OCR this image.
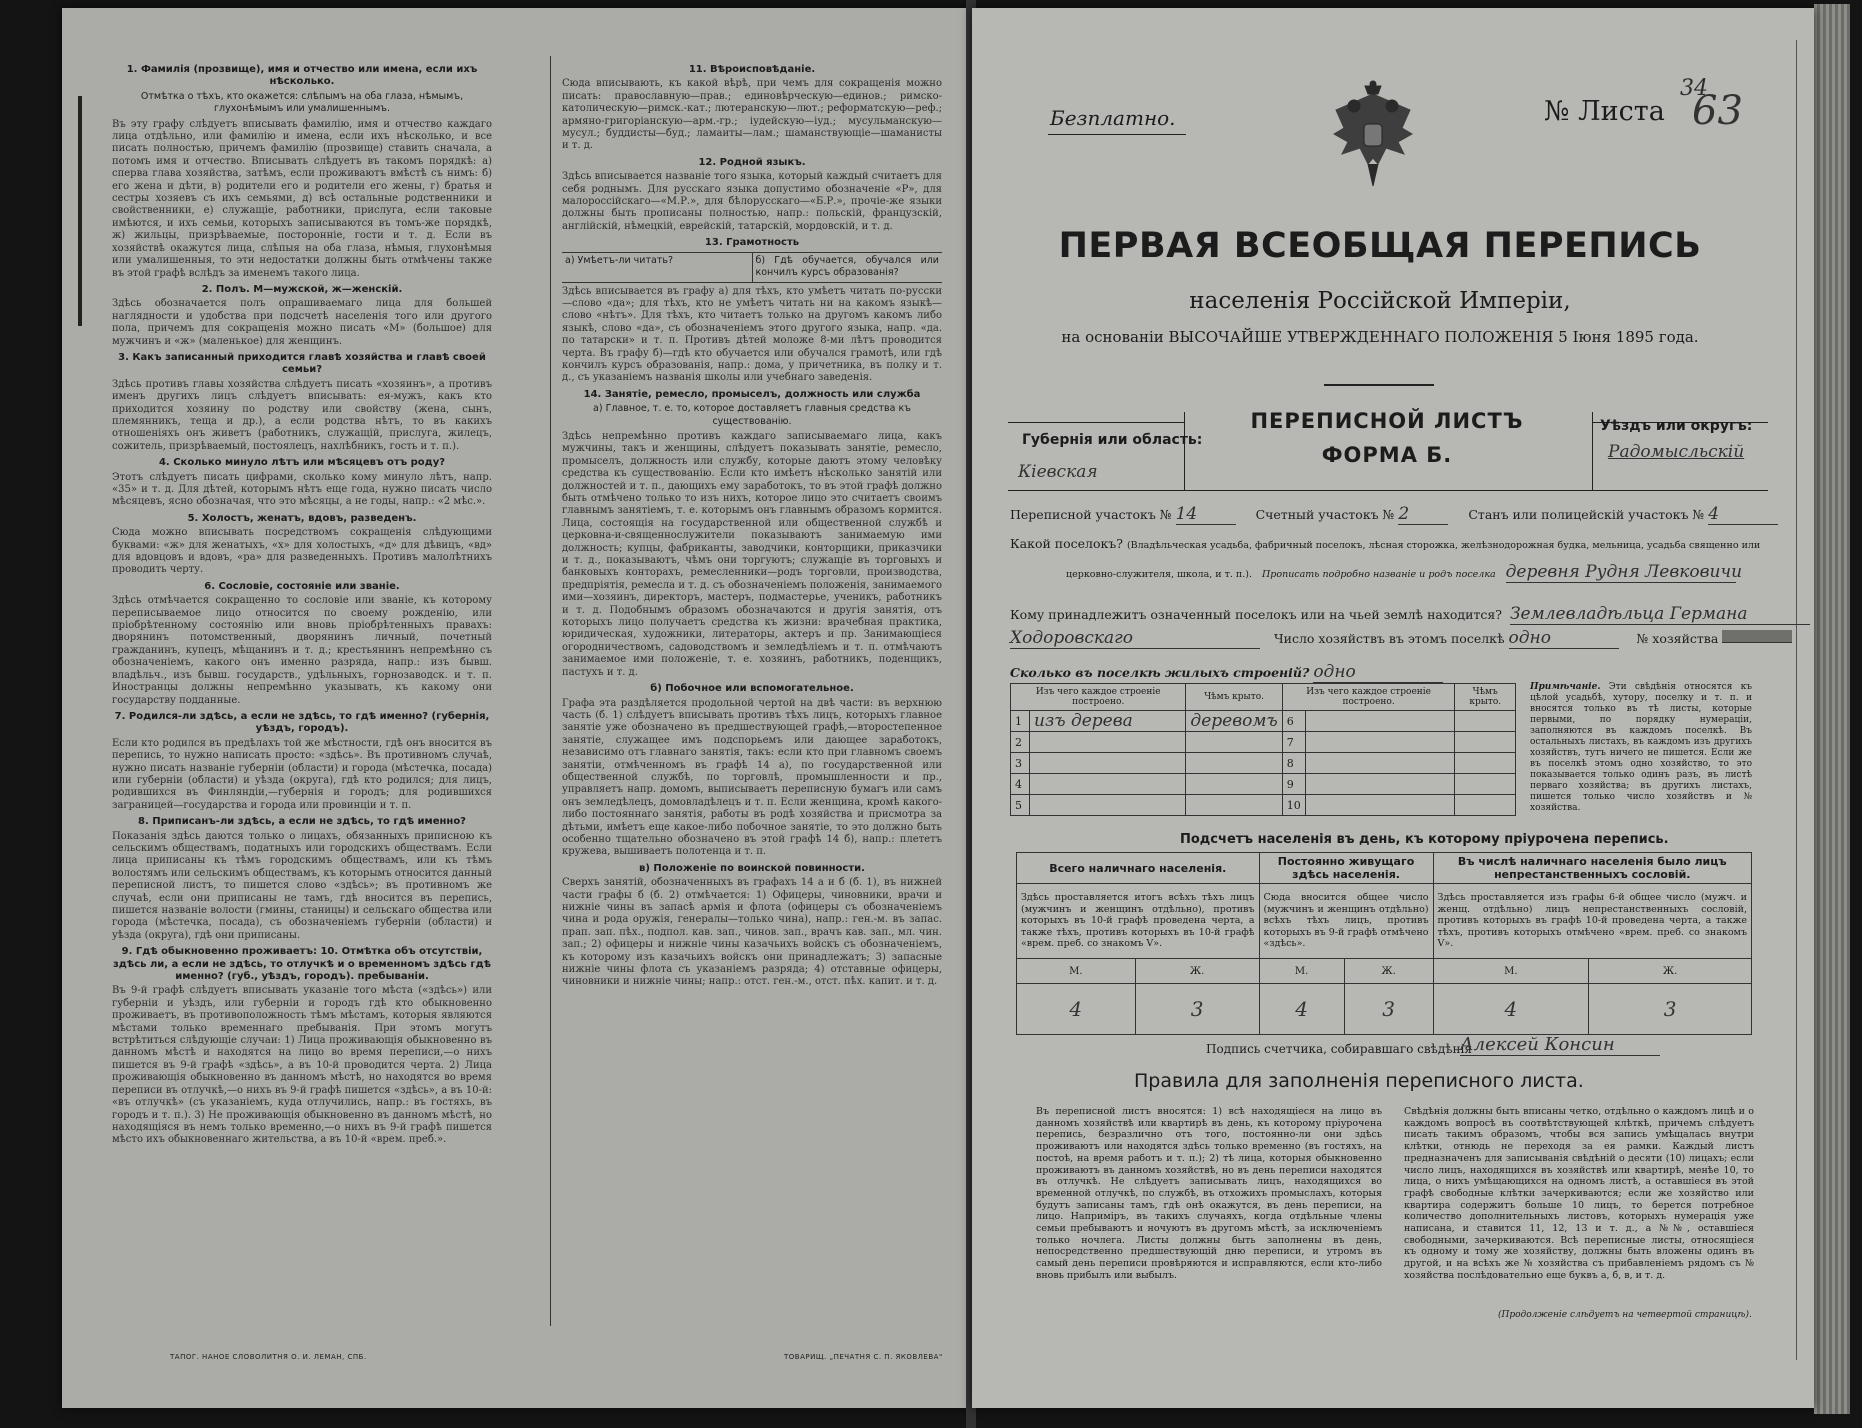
1. Фамилія (прозвище), имя и отчество или имена, если ихъ нѣсколько.
Отмѣтка о тѣхъ, кто окажется: слѣпымъ на оба глаза, нѣмымъ, глухонѣмымъ или умалишеннымъ.
Въ эту графу слѣдуетъ вписывать фамилію, имя и отчество каждаго лица отдѣльно, или фамилію и имена, если ихъ нѣсколько, и все писать полностью, причемъ фамилію (прозвище) ставить сначала, а потомъ имя и отчество. Вписывать слѣдуетъ въ такомъ порядкѣ: а) сперва глава хозяйства, затѣмъ, если проживаютъ вмѣстѣ съ нимъ: б) его жена и дѣти, в) родители его и родители его жены, г) братья и сестры хозяевъ съ ихъ семьями, д) всѣ остальные родственники и свойственники, е) служащіе, работники, прислуга, если таковые имѣются, и ихъ семьи, которыхъ записываются въ томъ-же порядкѣ, ж) жильцы, призрѣваемые, посторонніе, гости и т. д. Если въ хозяйствѣ окажутся лица, слѣпыя на оба глаза, нѣмыя, глухонѣмыя или умалишенныя, то эти недостатки должны быть отмѣчены также въ этой графѣ вслѣдъ за именемъ такого лица.
2. Полъ. М—мужской, ж—женскій.
Здѣсь обозначается полъ опрашиваемаго лица для большей наглядности и удобства при подсчетѣ населенія того или другого пола, причемъ для сокращенія можно писать «М» (большое) для мужчинъ и «ж» (маленькое) для женщинъ.
3. Какъ записанный приходится главѣ хозяйства и главѣ своей семьи?
Здѣсь противъ главы хозяйства слѣдуетъ писать «хозяинъ», а противъ именъ другихъ лицъ слѣдуетъ вписывать: ея-мужъ, какъ кто приходится хозяину по родству или свойству (жена, сынъ, племянникъ, теща и др.), а если родства нѣтъ, то въ какихъ отношеніяхъ онъ живетъ (работникъ, служащій, прислуга, жилецъ, сожитель, призрѣваемый, постоялецъ, нахлѣбникъ, гость и т. п.).
4. Сколько минуло лѣтъ или мѣсяцевъ отъ роду?
Этотъ слѣдуетъ писать цифрами, сколько кому минуло лѣтъ, напр. «35» и т. д. Для дѣтей, которымъ нѣтъ еще года, нужно писать число мѣсяцевъ, ясно обозначая, что это мѣсяцы, а не годы, напр.: «2 мѣс.».
5. Холостъ, женатъ, вдовъ, разведенъ.
Сюда можно вписывать посредствомъ сокращенія слѣдующими буквами: «ж» для женатыхъ, «х» для холостыхъ, «д» для дѣвицъ, «вд» для вдовцовъ и вдовъ, «ра» для разведенныхъ. Противъ малолѣтнихъ проводить черту.
6. Сословіе, состояніе или званіе.
Здѣсь отмѣчается сокращенно то сословіе или званіе, къ которому переписываемое лицо относится по своему рожденію, или пріобрѣтенному состоянію или вновь пріобрѣтенныхъ правахъ: дворянинъ потомственный, дворянинъ личный, почетный гражданинъ, купецъ, мѣщанинъ и т. д.; крестьянинъ непремѣнно съ обозначеніемъ, какого онъ именно разряда, напр.: изъ бывш. владѣльч., изъ бывш. государств., удѣльныхъ, горнозаводск. и т. п. Иностранцы должны непремѣнно указывать, къ какому они государству подданные.
7. Родился-ли здѣсь, а если не здѣсь, то гдѣ именно? (губернія, уѣздъ, городъ).
Если кто родился въ предѣлахъ той же мѣстности, гдѣ онъ вносится въ перепись, то нужно написать просто: «здѣсь». Въ противномъ случаѣ, нужно писать названіе губерніи (области) и города (мѣстечка, посада) или губерніи (области) и уѣзда (округа), гдѣ кто родился; для лицъ, родившихся въ Финляндіи,—губернія и городъ; для родившихся заграницей—государства и города или провинціи и т. п.
8. Приписанъ-ли здѣсь, а если не здѣсь, то гдѣ именно?
Показанія здѣсь даются только о лицахъ, обязанныхъ приписною къ сельскимъ обществамъ, податныхъ или городскихъ обществамъ. Если лица приписаны къ тѣмъ городскимъ обществамъ, или къ тѣмъ волостямъ или сельскимъ обществамъ, къ которымъ относится данный переписной листъ, то пишется слово «здѣсь»; въ противномъ же случаѣ, если они приписаны не тамъ, гдѣ вносится въ перепись, пишется названіе волости (гмины, станицы) и сельскаго общества или города (мѣстечка, посада), съ обозначеніемъ губерніи (области) и уѣзда (округа), гдѣ они приписаны.
9. Гдѣ обыкновенно проживаетъ: 10. Отмѣтка объ отсутствіи, здѣсь ли, а если не здѣсь, то отлучкѣ и о временномъ здѣсь гдѣ именно? (губ., уѣздъ, городъ). пребываніи.
Въ 9-й графѣ слѣдуетъ вписывать указаніе того мѣста («здѣсь») или губерніи и уѣздъ, или губерніи и городъ гдѣ кто обыкновенно проживаетъ, въ противоположность тѣмъ мѣстамъ, которыя являются мѣстами только временнаго пребыванія. При этомъ могутъ встрѣтиться слѣдующіе случаи: 1) Лица проживающія обыкновенно въ данномъ мѣстѣ и находятся на лицо во время переписи,—о нихъ пишется въ 9-й графѣ «здѣсь», а въ 10-й проводится черта. 2) Лица проживающія обыкновенно въ данномъ мѣстѣ, но находятся во время переписи въ отлучкѣ,—о нихъ въ 9-й графѣ пишется «здѣсь», а въ 10-й: «въ отлучкѣ» (съ указаніемъ, куда отлучились, напр.: въ гостяхъ, въ городъ и т. п.). 3) Не проживающія обыкновенно въ данномъ мѣстѣ, но находящіяся въ немъ только временно,—о нихъ въ 9-й графѣ пишется мѣсто ихъ обыкновеннаго жительства, а въ 10-й «врем. преб.».
11. Вѣроисповѣданіе.
Сюда вписывають, къ какой вѣрѣ, при чемъ для сокращенія можно писать: православную—прав.; единовѣрческую—единов.; римско-католическую—римск.-кат.; лютеранскую—лют.; реформатскую—реф.; армяно-григоріанскую—арм.-гр.; іудейскую—іуд.; мусульманскую—мусул.; буддисты—буд.; ламаиты—лам.; шаманствующіе—шаманисты и т. д.
12. Родной языкъ.
Здѣсь вписывается названіе того языка, который каждый считаетъ для себя роднымъ. Для русскаго языка допустимо обозначеніе «Р», для малороссійскаго—«М.Р.», для бѣлорусскаго—«Б.Р.», прочіе-же языки должны быть прописаны полностью, напр.: польскій, французскій, англійскій, нѣмецкій, еврейскій, татарскій, мордовскій, и т. д.
13. Грамотность
а) Умѣетъ-ли читать?	б) Гдѣ обучается, обучался или кончилъ курсъ образованія?
Здѣсь вписывается въ графу а) для тѣхъ, кто умѣетъ читать по-русски—слово «да»; для тѣхъ, кто не умѣетъ читать ни на какомъ языкѣ—слово «нѣтъ». Для тѣхъ, кто читаетъ только на другомъ какомъ либо языкѣ, слово «да», съ обозначеніемъ этого другого языка, напр. «да. по татарски» и т. п. Противъ дѣтей моложе 8-ми лѣтъ проводится черта. Въ графу б)—гдѣ кто обучается или обучался грамотѣ, или гдѣ кончилъ курсъ образованія, напр.: дома, у причетника, въ полку и т. д., съ указаніемъ названія школы или учебнаго заведенія.
14. Занятіе, ремесло, промыселъ, должность или служба
а) Главное, т. е. то, которое доставляетъ главныя средства къ существованію.
Здѣсь непремѣнно противъ каждаго записываемаго лица, какъ мужчины, такъ и женщины, слѣдуетъ показывать занятіе, ремесло, промыселъ, должность или службу, которые даютъ этому человѣку средства къ существованію. Если кто имѣетъ нѣсколько занятій или должностей и т. п., дающихъ ему заработокъ, то въ этой графѣ должно быть отмѣчено только то изъ нихъ, которое лицо это считаетъ своимъ главнымъ занятіемъ, т. е. которымъ онъ главнымъ образомъ кормится. Лица, состоящія на государственной или общественной службѣ и церковна-и-священнослужители показываютъ занимаемую ими должность; купцы, фабриканты, заводчики, конторщики, приказчики и т. д., показываютъ, чѣмъ они торгуютъ; служащіе въ торговыхъ и банковыхъ конторахъ, ремесленники—родъ торговли, производства, предпріятія, ремесла и т. д. съ обозначеніемъ положенія, занимаемого ими—хозяинъ, директоръ, мастеръ, подмастерье, ученикъ, работникъ и т. д. Подобнымъ образомъ обозначаются и другія занятія, отъ которыхъ лицо получаетъ средства къ жизни: врачебная практика, юридическая, художники, литераторы, актеръ и пр. Занимающіеся огородничествомъ, садоводствомъ и земледѣліемъ и т. п. отмѣчаютъ занимаемое ими положеніе, т. е. хозяинъ, работникъ, поденщикъ, пастухъ и т. д.
б) Побочное или вспомогательное.
Графа эта раздѣляется продольной чертой на двѣ части: въ верхнюю часть (б. 1) слѣдуетъ вписывать противъ тѣхъ лицъ, которыхъ главное занятіе уже обозначено въ предшествующей графѣ,—второстепенное занятіе, служащее имъ подспорьемъ или дающее заработокъ, независимо отъ главнаго занятія, такъ: если кто при главномъ своемъ занятіи, отмѣченномъ въ графѣ 14 а), по государственной или общественной службѣ, по торговлѣ, промышленности и пр., управляетъ напр. домомъ, выписываетъ переписную бумагъ или самъ онъ земледѣлецъ, домовладѣлецъ и т. п. Если женщина, кромѣ какого-либо постояннаго занятія, работы въ родѣ хозяйства и присмотра за дѣтьми, имѣетъ еще какое-либо побочное занятіе, то это должно быть особенно тщательно обозначено въ этой графѣ 14 б), напр.: плететъ кружева, вышиваетъ полотенца и т. п.
в) Положеніе по воинской повинности.
Сверхъ занятій, обозначенныхъ въ графахъ 14 а и б (б. 1), въ нижней части графы б (б. 2) отмѣчается: 1) Офицеры, чиновники, врачи и нижніе чины въ запасѣ армія и флота (офицеры съ обозначеніемъ чина и рода оружія, генералы—только чина), напр.: ген.-м. въ запас. прап. зап. пѣх., подпол. кав. зап., чинов. зап., врачъ кав. зап., мл. чин. зап.; 2) офицеры и нижніе чины казачьихъ войскъ съ обозначеніемъ, къ которому изъ казачьихъ войскъ они принадлежатъ; 3) запасные нижніе чины флота съ указаніемъ разряда; 4) отставные офицеры, чиновники и нижніе чины; напр.: отст. ген.-м., отст. пѣх. капит. и т. д.
ТАПОГ. НАНОЕ СЛОВОЛИТНЯ О. И. ЛЕМАН, СПБ.	ТОВАРИЩ. „ПЕЧАТНЯ С. П. ЯКОВЛЕВА"
Безплатно.	№ Листа
34
63
ПЕРВАЯ ВСЕОБЩАЯ ПЕРЕПИСЬ
населенія Россійской Имперіи,
на основаніи ВЫСОЧАЙШЕ УТВЕРЖДЕННАГО ПОЛОЖЕНІЯ 5 Іюня 1895 года.
ПЕРЕПИСНОЙ ЛИСТЪ
ФОРМА Б.
Губернія или область:
Кіевская
Уѣздъ или округъ:
Радомысльскій
Переписной участокъ № 14	Счетный участокъ № 2	Станъ или полицейскій участокъ № 4
Какой поселокъ? (Владѣльческая усадьба, фабричный поселокъ, лѣсная сторожка, желѣзнодорожная будка, мельница, усадьба священно или
церковно-служителя, школа, и т. п.). Прописать подробно названіе и родъ поселка деревня Рудня Левковичи
Кому принадлежитъ означенный поселокъ или на чьей землѣ находится? Землевладѣльца Германа
Ходоровскаго	Число хозяйствъ въ этомъ поселкѣ одно	№ хозяйства
Сколько въ поселкѣ жилыхъ строеній? одно
Изъ чего каждое строеніе построено.		Чѣмъ крыто.	Изъ чего каждое строеніе построено.		Чѣмъ крыто.
1	изъ дерева	деревомъ	6		
2			7		
3			8		
4			9		
5			10		
Примѣчаніе. Эти свѣдѣнія относятся къ цѣлой усадьбѣ, хутору, поселку и т. п. и вносятся только въ тѣ листы, которые первыми, по порядку нумераціи, заполняются въ каждомъ поселкѣ. Въ остальныхъ листахъ, въ каждомъ изъ другихъ хозяйствъ, тутъ ничего не пишется. Если же въ поселкѣ этомъ одно хозяйство, то это показывается только одинъ разъ, въ листѣ перваго хозяйства; въ другихъ листахъ, пишется только число хозяйствъ и № хозяйства.
Подсчетъ населенія въ день, къ которому пріурочена перепись.
Всего наличнаго населенія.		Постоянно живущаго здѣсь населенія.		Въ числѣ наличнаго населенія было лицъ непрестанственныхъ сословій.	
Здѣсь проставляется итогъ всѣхъ тѣхъ лицъ (мужчинъ и женщинъ отдѣльно), противъ которыхъ въ 10-й графѣ проведена черта, а также тѣхъ, противъ которыхъ въ 10-й графѣ «врем. преб. со знакомъ V».		Сюда вносится общее число (мужчинъ и женщинъ отдѣльно) всѣхъ тѣхъ лицъ, противъ которыхъ въ 9-й графѣ отмѣчено «здѣсь».		Здѣсь проставляется изъ графы 6-й общее число (мужч. и женщ. отдѣльно) лицъ непрестанственныхъ сословій, противъ которыхъ въ графѣ 10-й проведена черта, а также тѣхъ, противъ которыхъ отмѣчено «врем. преб. со знакомъ V».	
М.	Ж.	М.	Ж.	М.	Ж.
4	3	4	3	4	3
Подпись счетчика, собиравшаго свѣдѣнія
Алексей Консин
Правила для заполненія переписного листа.
Въ переписной листъ вносятся: 1) всѣ находящіеся на лицо въ данномъ хозяйствѣ или квартирѣ въ день, къ которому пріурочена перепись, безразлично отъ того, постоянно-ли они здѣсь проживаютъ или находятся здѣсь только временно (въ гостяхъ, на постоѣ, на время работъ и т. п.); 2) тѣ лица, которыя обыкновенно проживаютъ въ данномъ хозяйствѣ, но въ день переписи находятся въ отлучкѣ. Не слѣдуетъ записывать лицъ, находящихся во временной отлучкѣ, по службѣ, въ отхожихъ промыслахъ, которыя будутъ записаны тамъ, гдѣ онѣ окажутся, въ день переписи, на лицо. Наприміръ, въ такихъ случаяхъ, когда отдѣльные члены семьи пребываютъ и ночуютъ въ другомъ мѣстѣ, за исключеніемъ только ночлега. Листы должны быть заполнены въ день, непосредственно предшествующій дню переписи, и утромъ въ самый день переписи провѣряются и исправляются, если кто-либо вновь прибылъ или выбылъ.
Свѣдѣнія должны быть вписаны четко, отдѣльно о каждомъ лицѣ и о каждомъ вопросѣ въ соотвѣтствующей клѣткѣ, причемъ слѣдуетъ писать такимъ образомъ, чтобы вся запись умѣщалась внутри клѣтки, отнюдь не переходя за ея рамки. Каждый листъ предназначенъ для записыванія свѣдѣній о десяти (10) лицахъ; если число лицъ, находящихся въ хозяйствѣ или квартирѣ, менѣе 10, то лица, о нихъ умѣщающихся на одномъ листѣ, а оставшіеся въ этой графѣ свободные клѣтки зачеркиваются; если же хозяйство или квартира содержитъ больше 10 лицъ, то берется потребное количество дополнительныхъ листовъ, которыхъ нумерація уже написана, и ставится 11, 12, 13 и т. д., а №№, оставшіеся свободными, зачеркиваются. Всѣ переписные листы, относящіеся къ одному и тому же хозяйству, должны быть вложены одинъ въ другой, и на всѣхъ же № хозяйства съ прибавленіемъ рядомъ съ № хозяйства послѣдовательно еще буквъ а, б, в, и т. д.
(Продолженіе слѣдуетъ на четвертой страницѣ).
